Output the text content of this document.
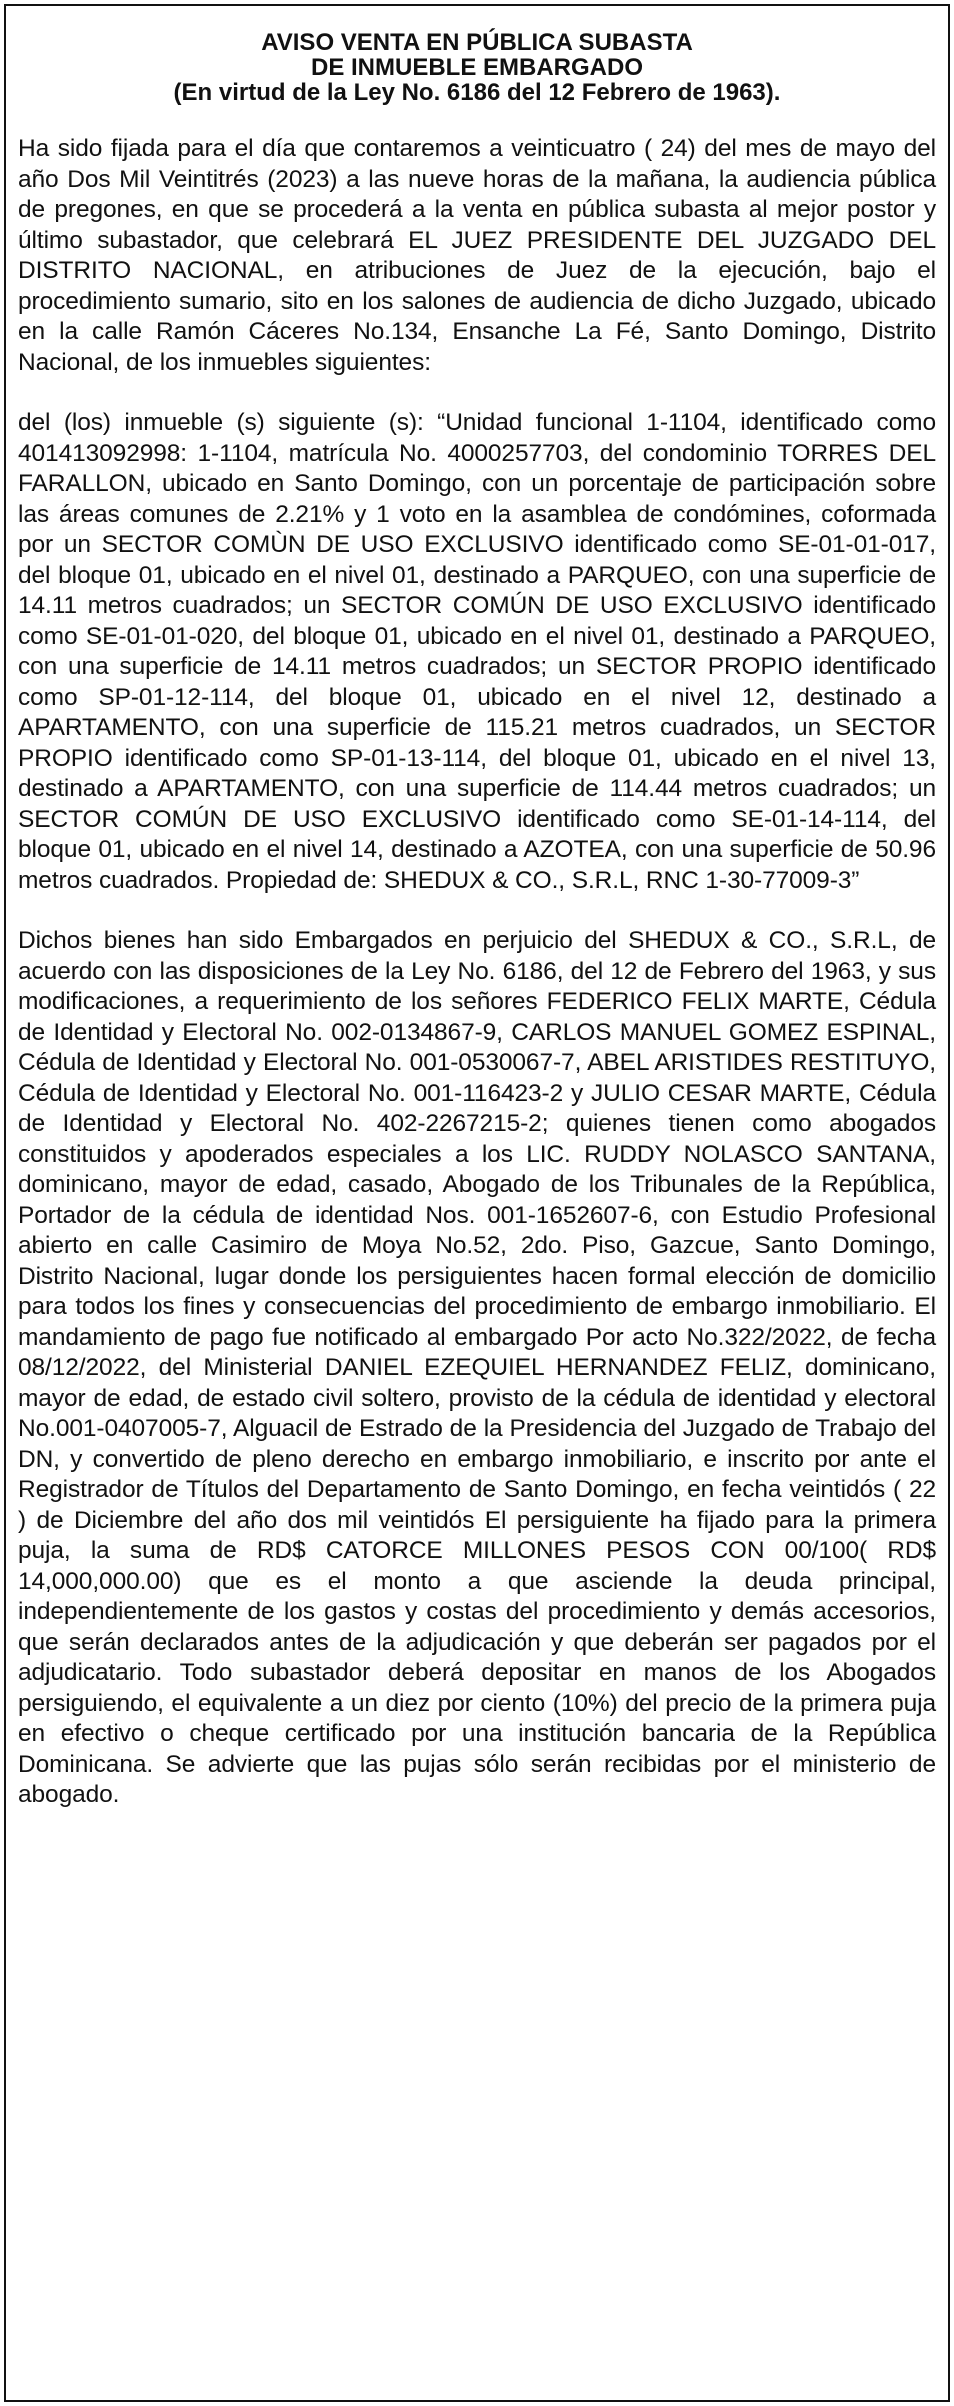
AVISO VENTA EN PÚBLICA SUBASTA
DE INMUEBLE EMBARGADO
(En virtud de la Ley No. 6186 del 12 Febrero de 1963).

Ha sido fijada para el día que contaremos a veinticuatro ( 24) del mes de mayo del año Dos Mil Veintitrés (2023) a las nueve horas de la mañana, la audiencia pública de pregones, en que se procederá a la venta en pública subasta al mejor postor y último subastador, que celebrará EL JUEZ PRESIDENTE DEL JUZGADO DEL DISTRITO NACIONAL, en atribuciones de Juez de la ejecución, bajo el procedimiento sumario, sito en los salones de audiencia de dicho Juzgado, ubicado en la calle Ramón Cáceres No.134, Ensanche La Fé, Santo Domingo, Distrito Nacional, de los inmuebles siguientes:

del (los) inmueble (s) siguiente (s): “Unidad funcional 1-1104, identificado como 401413092998: 1-1104, matrícula No. 4000257703, del condominio TORRES DEL FARALLON, ubicado en Santo Domingo, con un porcentaje de participación sobre las áreas comunes de 2.21% y 1 voto en la asamblea de condómines, coformada por un SECTOR COMÙN DE USO EXCLUSIVO identificado como SE-01-01-017, del bloque 01, ubicado en el nivel 01, destinado a PARQUEO, con una superficie de 14.11 metros cuadrados; un SECTOR COMÚN DE USO EXCLUSIVO identificado como SE-01-01-020, del bloque 01, ubicado en el nivel 01, destinado a PARQUEO, con una superficie de 14.11 metros cuadrados; un SECTOR PROPIO identificado como SP-01-12-114, del bloque 01, ubicado en el nivel 12, destinado a APARTAMENTO, con una superficie de 115.21 metros cuadrados, un SECTOR PROPIO identificado como SP-01-13-114, del bloque 01, ubicado en el nivel 13, destinado a APARTAMENTO, con una superficie de 114.44 metros cuadrados; un SECTOR COMÚN DE USO EXCLUSIVO identificado como SE-01-14-114, del bloque 01, ubicado en el nivel 14, destinado a AZOTEA, con una superficie de 50.96 metros cuadrados. Propiedad de: SHEDUX & CO., S.R.L, RNC 1-30-77009-3”

Dichos bienes han sido Embargados en perjuicio del SHEDUX & CO., S.R.L, de acuerdo con las disposiciones de la Ley No. 6186, del 12 de Febrero del 1963, y sus modificaciones, a requerimiento de los señores FEDERICO FELIX MARTE, Cédula de Identidad y Electoral No. 002-0134867-9, CARLOS MANUEL GOMEZ ESPINAL, Cédula de Identidad y Electoral No. 001-0530067-7, ABEL ARISTIDES RESTITUYO, Cédula de Identidad y Electoral No. 001-116423-2 y JULIO CESAR MARTE, Cédula de Identidad y Electoral No. 402-2267215-2; quienes tienen como abogados constituidos y apoderados especiales a los LIC. RUDDY NOLASCO SANTANA, dominicano, mayor de edad, casado, Abogado de los Tribunales de la República, Portador de la cédula de identidad Nos. 001-1652607-6, con Estudio Profesional abierto en calle Casimiro de Moya No.52, 2do. Piso, Gazcue, Santo Domingo, Distrito Nacional, lugar donde los persiguientes hacen formal elección de domicilio para todos los fines y consecuencias del procedimiento de embargo inmobiliario. El mandamiento de pago fue notificado al embargado Por acto No.322/2022, de fecha 08/12/2022, del Ministerial DANIEL EZEQUIEL HERNANDEZ FELIZ, dominicano, mayor de edad, de estado civil soltero, provisto de la cédula de identidad y electoral No.001-0407005-7, Alguacil de Estrado de la Presidencia del Juzgado de Trabajo del DN, y convertido de pleno derecho en embargo inmobiliario, e inscrito por ante el Registrador de Títulos del Departamento de Santo Domingo, en fecha veintidós ( 22 ) de Diciembre del año dos mil veintidós El persiguiente ha fijado para la primera puja, la suma de RD$ CATORCE MILLONES PESOS CON 00/100( RD$ 14,000,000.00) que es el monto a que asciende la deuda principal, independientemente de los gastos y costas del procedimiento y demás accesorios, que serán declarados antes de la adjudicación y que deberán ser pagados por el adjudicatario. Todo subastador deberá depositar en manos de los Abogados persiguiendo, el equivalente a un diez por ciento (10%) del precio de la primera puja en efectivo o cheque certificado por una institución bancaria de la República Dominicana. Se advierte que las pujas sólo serán recibidas por el ministerio de abogado.
